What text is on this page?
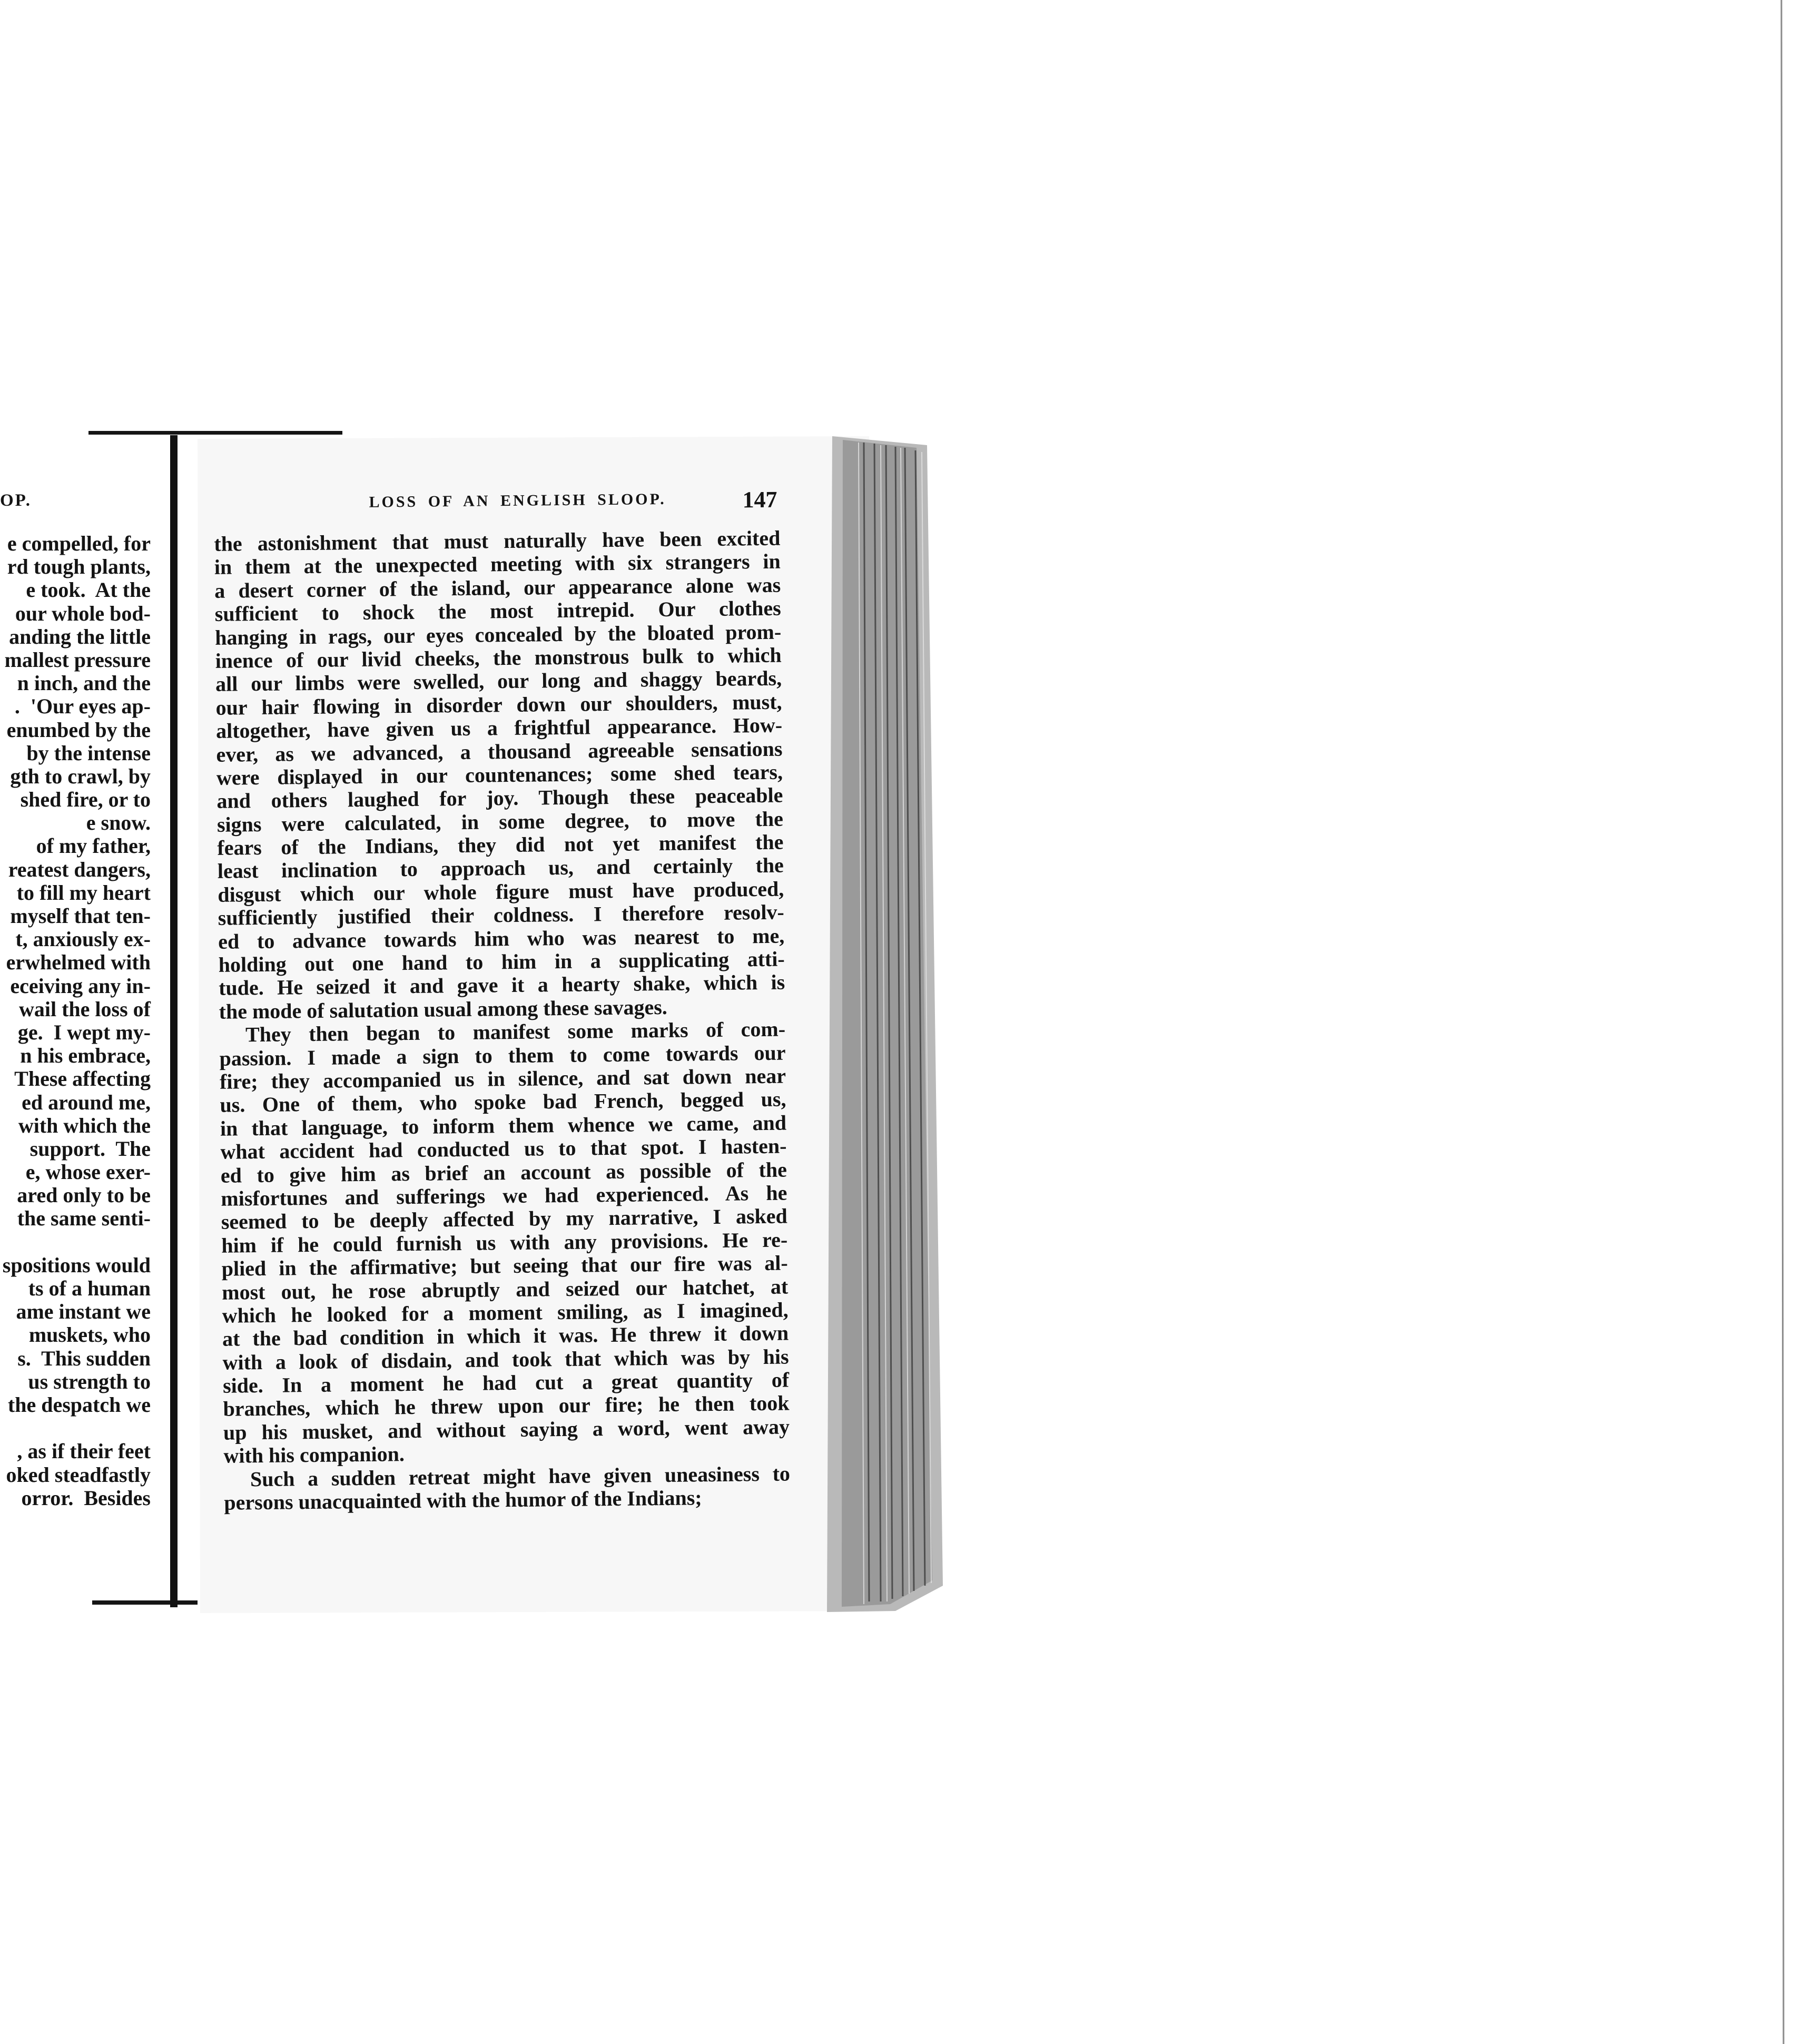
OP.
e compelled, for
rd tough plants,
e took.  At the
our whole bod-
anding the little
mallest pressure
n inch, and the
.  'Our eyes ap-
enumbed by the
by the intense
gth to crawl, by
shed fire, or to
e snow.
of my father,
reatest dangers,
to fill my heart
myself that ten-
t, anxiously ex-
erwhelmed with
eceiving any in-
wail the loss of
ge.  I wept my-
n his embrace,
These affecting
ed around me,
with which the
support.  The
e, whose exer-
ared only to be
the same senti-
spositions would
ts of a human
ame instant we
muskets, who
s.  This sudden
us strength to
the despatch we
, as if their feet
oked steadfastly
orror.  Besides
LOSS OF AN ENGLISH SLOOP.	147
the astonishment that must naturally have been excited
in them at the unexpected meeting with six strangers in
a desert corner of the island, our appearance alone was
sufficient to shock the most intrepid. Our clothes
hanging in rags, our eyes concealed by the bloated prom-
inence of our livid cheeks, the monstrous bulk to which
all our limbs were swelled, our long and shaggy beards,
our hair flowing in disorder down our shoulders, must,
altogether, have given us a frightful appearance. How-
ever, as we advanced, a thousand agreeable sensations
were displayed in our countenances; some shed tears,
and others laughed for joy. Though these peaceable
signs were calculated, in some degree, to move the
fears of the Indians, they did not yet manifest the
least inclination to approach us, and certainly the
disgust which our whole figure must have produced,
sufficiently justified their coldness. I therefore resolv-
ed to advance towards him who was nearest to me,
holding out one hand to him in a supplicating atti-
tude. He seized it and gave it a hearty shake, which is
the mode of salutation usual among these savages.
They then began to manifest some marks of com-
passion. I made a sign to them to come towards our
fire; they accompanied us in silence, and sat down near
us. One of them, who spoke bad French, begged us,
in that language, to inform them whence we came, and
what accident had conducted us to that spot. I hasten-
ed to give him as brief an account as possible of the
misfortunes and sufferings we had experienced. As he
seemed to be deeply affected by my narrative, I asked
him if he could furnish us with any provisions. He re-
plied in the affirmative; but seeing that our fire was al-
most out, he rose abruptly and seized our hatchet, at
which he looked for a moment smiling, as I imagined,
at the bad condition in which it was. He threw it down
with a look of disdain, and took that which was by his
side. In a moment he had cut a great quantity of
branches, which he threw upon our fire; he then took
up his musket, and without saying a word, went away
with his companion.
Such a sudden retreat might have given uneasiness to
persons unacquainted with the humor of the Indians;
